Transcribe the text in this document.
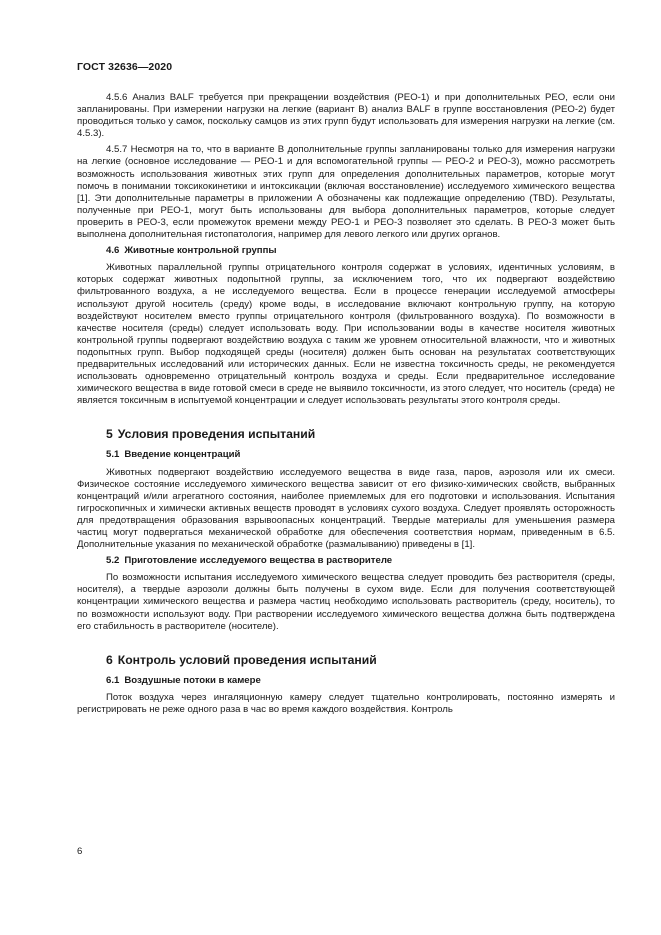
ГОСТ 32636—2020

4.5.6 Анализ BALF требуется при прекращении воздействия (PEO-1) и при дополнительных PEO, если они запланированы. При измерении нагрузки на легкие (вариант В) анализ BALF в группе восстановления (PEO-2) будет проводиться только у самок, поскольку самцов из этих групп будут использовать для измерения нагрузки на легкие (см. 4.5.3).

4.5.7 Несмотря на то, что в варианте В дополнительные группы запланированы только для измерения нагрузки на легкие (основное исследование — PEO-1 и для вспомогательной группы — PEO-2 и PEO-3), можно рассмотреть возможность использования животных этих групп для определения дополнительных параметров, которые могут помочь в понимании токсикокинетики и интоксикации (включая восстановление) исследуемого химического вещества [1]. Эти дополнительные параметры в приложении А обозначены как подлежащие определению (TBD). Результаты, полученные при PEO-1, могут быть использованы для выбора дополнительных параметров, которые следует проверить в PEO-3, если промежуток времени между PEO-1 и PEO-3 позволяет это сделать. В PEO-3 может быть выполнена дополнительная гистопатология, например для левого легкого или других органов.

4.6 Животные контрольной группы

Животных параллельной группы отрицательного контроля содержат в условиях, идентичных условиям, в которых содержат животных подопытной группы, за исключением того, что их подвергают воздействию фильтрованного воздуха, а не исследуемого вещества. Если в процессе генерации исследуемой атмосферы используют другой носитель (среду) кроме воды, в исследование включают контрольную группу, на которую воздействуют носителем вместо группы отрицательного контроля (фильтрованного воздуха). По возможности в качестве носителя (среды) следует использовать воду. При использовании воды в качестве носителя животных контрольной группы подвергают воздействию воздуха с таким же уровнем относительной влажности, что и животных подопытных групп. Выбор подходящей среды (носителя) должен быть основан на результатах соответствующих предварительных исследований или исторических данных. Если не известна токсичность среды, не рекомендуется использовать одновременно отрицательный контроль воздуха и среды. Если предварительное исследование химического вещества в виде готовой смеси в среде не выявило токсичности, из этого следует, что носитель (среда) не является токсичным в испытуемой концентрации и следует использовать результаты этого контроля среды.

5 Условия проведения испытаний
5.1 Введение концентраций

Животных подвергают воздействию исследуемого вещества в виде газа, паров, аэрозоля или их смеси. Физическое состояние исследуемого химического вещества зависит от его физико-химических свойств, выбранных концентраций и/или агрегатного состояния, наиболее приемлемых для его подготовки и использования. Испытания гигроскопичных и химически активных веществ проводят в условиях сухого воздуха. Следует проявлять осторожность для предотвращения образования взрывоопасных концентраций. Твердые материалы для уменьшения размера частиц могут подвергаться механической обработке для обеспечения соответствия нормам, приведенным в 6.5. Дополнительные указания по механической обработке (размалыванию) приведены в [1].

5.2 Приготовление исследуемого вещества в растворителе

По возможности испытания исследуемого химического вещества следует проводить без растворителя (среды, носителя), а твердые аэрозоли должны быть получены в сухом виде. Если для получения соответствующей концентрации химического вещества и размера частиц необходимо использовать растворитель (среду, носитель), то по возможности используют воду. При растворении исследуемого химического вещества должна быть подтверждена его стабильность в растворителе (носителе).

6 Контроль условий проведения испытаний
6.1 Воздушные потоки в камере

Поток воздуха через ингаляционную камеру следует тщательно контролировать, постоянно измерять и регистрировать не реже одного раза в час во время каждого воздействия. Контроль

6
